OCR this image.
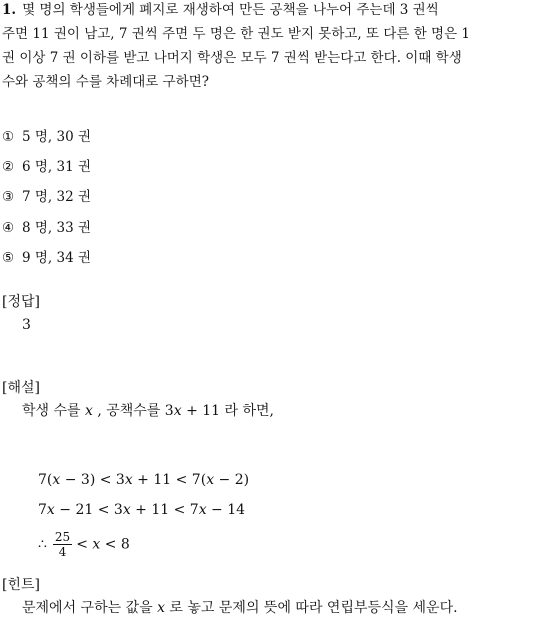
1. 몇 명의 학생들에게 폐지로 재생하여 만든 공책을 나누어 주는데 3 권씩
주면 11 권이 남고, 7 권씩 주면 두 명은 한 권도 받지 못하고, 또 다른 한 명은 1
권 이상 7 권 이하를 받고 나머지 학생은 모두 7 권씩 받는다고 한다. 이때 학생
수와 공책의 수를 차례대로 구하면?
① 5 명, 30 권
② 6 명, 31 권
③ 7 명, 32 권
④ 8 명, 33 권
⑤ 9 명, 34 권
[정답]
3
[해설]
학생 수를 x , 공책수를 3x + 11 라 하면,
7(x − 3) < 3x + 11 < 7(x − 2)
7x − 21 < 3x + 11 < 7x − 14
∴ $\frac{25}{4} < x < 8$
[힌트]
문제에서 구하는 값을 x 로 놓고 문제의 뜻에 따라 연립부등식을 세운다.
